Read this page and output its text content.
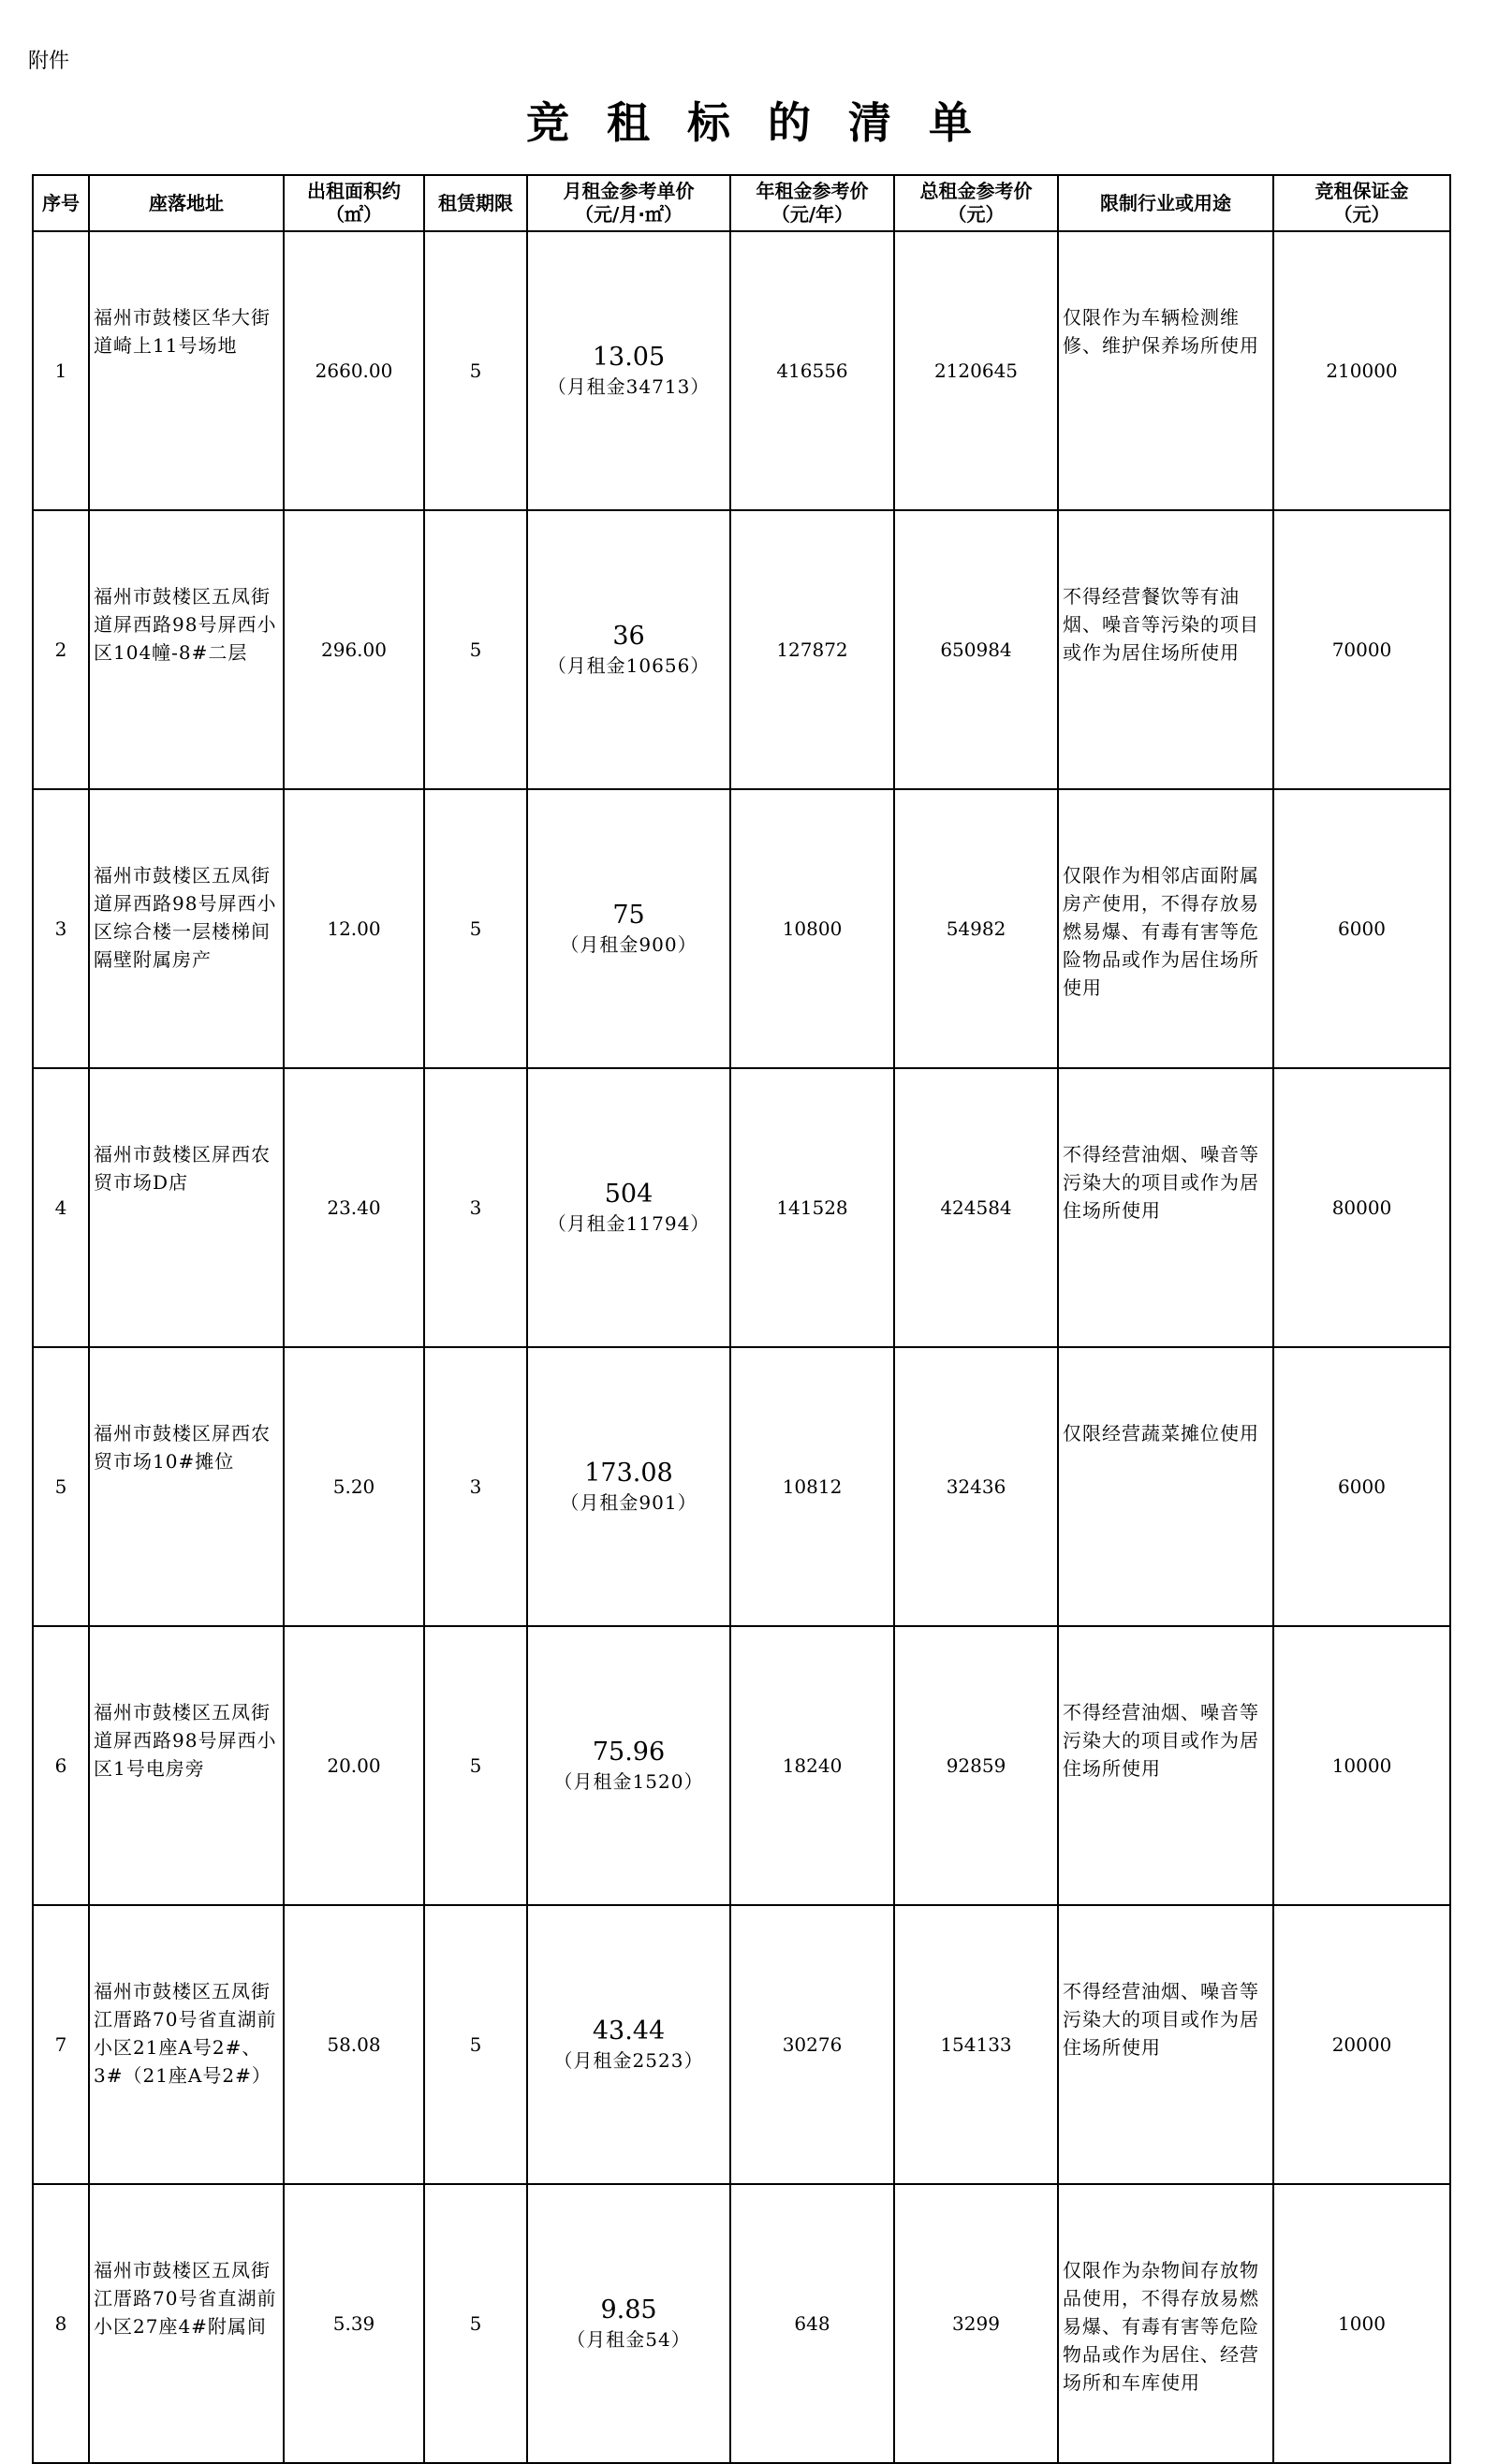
附件
竞租标的清单
序号	座落地址	出租面积约
（㎡）	租赁期限	月租金参考单价
（元/月·㎡）	年租金参考价
（元/年）	总租金参考价
（元）	限制行业或用途	竞租保证金
（元）
1	福州市鼓楼区华大街道崎上11号场地	2660.00	5	13.05
（月租金34713）	416556	2120645	仅限作为车辆检测维修、维护保养场所使用	210000
2	福州市鼓楼区五凤街道屏西路98号屏西小区104幢-8#二层	296.00	5	36
（月租金10656）	127872	650984	不得经营餐饮等有油烟、噪音等污染的项目或作为居住场所使用	70000
3	福州市鼓楼区五凤街道屏西路98号屏西小区综合楼一层楼梯间隔壁附属房产	12.00	5	75
（月租金900）	10800	54982	仅限作为相邻店面附属房产使用，不得存放易燃易爆、有毒有害等危险物品或作为居住场所使用	6000
4	福州市鼓楼区屏西农贸市场D店	23.40	3	504
（月租金11794）	141528	424584	不得经营油烟、噪音等污染大的项目或作为居住场所使用	80000
5	福州市鼓楼区屏西农贸市场10#摊位	5.20	3	173.08
（月租金901）	10812	32436	仅限经营蔬菜摊位使用	6000
6	福州市鼓楼区五凤街道屏西路98号屏西小区1号电房旁	20.00	5	75.96
（月租金1520）	18240	92859	不得经营油烟、噪音等污染大的项目或作为居住场所使用	10000
7	福州市鼓楼区五凤街江厝路70号省直湖前小区21座A号2#、3#（21座A号2#）	58.08	5	43.44
（月租金2523）	30276	154133	不得经营油烟、噪音等污染大的项目或作为居住场所使用	20000
8	福州市鼓楼区五凤街江厝路70号省直湖前小区27座4#附属间	5.39	5	9.85
（月租金54）	648	3299	仅限作为杂物间存放物品使用，不得存放易燃易爆、有毒有害等危险物品或作为居住、经营场所和车库使用	1000
